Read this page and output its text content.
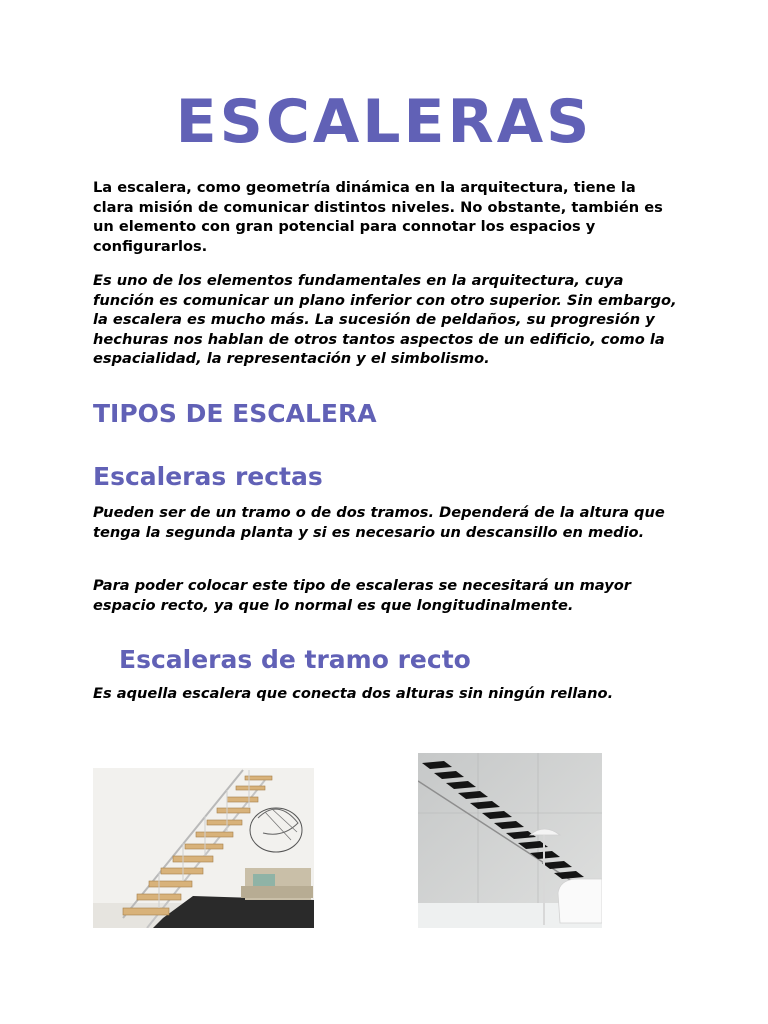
ESCALERAS
La escalera, como geometría dinámica en la arquitectura, tiene la clara misión de comunicar distintos niveles. No obstante, también es un elemento con gran potencial para connotar los espacios y configurarlos.
Es uno de los elementos fundamentales en la arquitectura, cuya función es comunicar un plano inferior con otro superior. Sin embargo, la escalera es mucho más. La sucesión de peldaños, su progresión y hechuras nos hablan de otros tantos aspectos de un edificio, como la espacialidad, la representación y el simbolismo.
TIPOS DE ESCALERA
Escaleras rectas
Pueden ser de un tramo o de dos tramos. Dependerá de la altura que tenga la segunda planta y si es necesario un descansillo en medio.
Para poder colocar este tipo de escaleras se necesitará un mayor espacio recto, ya que lo normal es que longitudinalmente.
Escaleras de tramo recto
Es aquella escalera que conecta dos alturas sin ningún rellano.
